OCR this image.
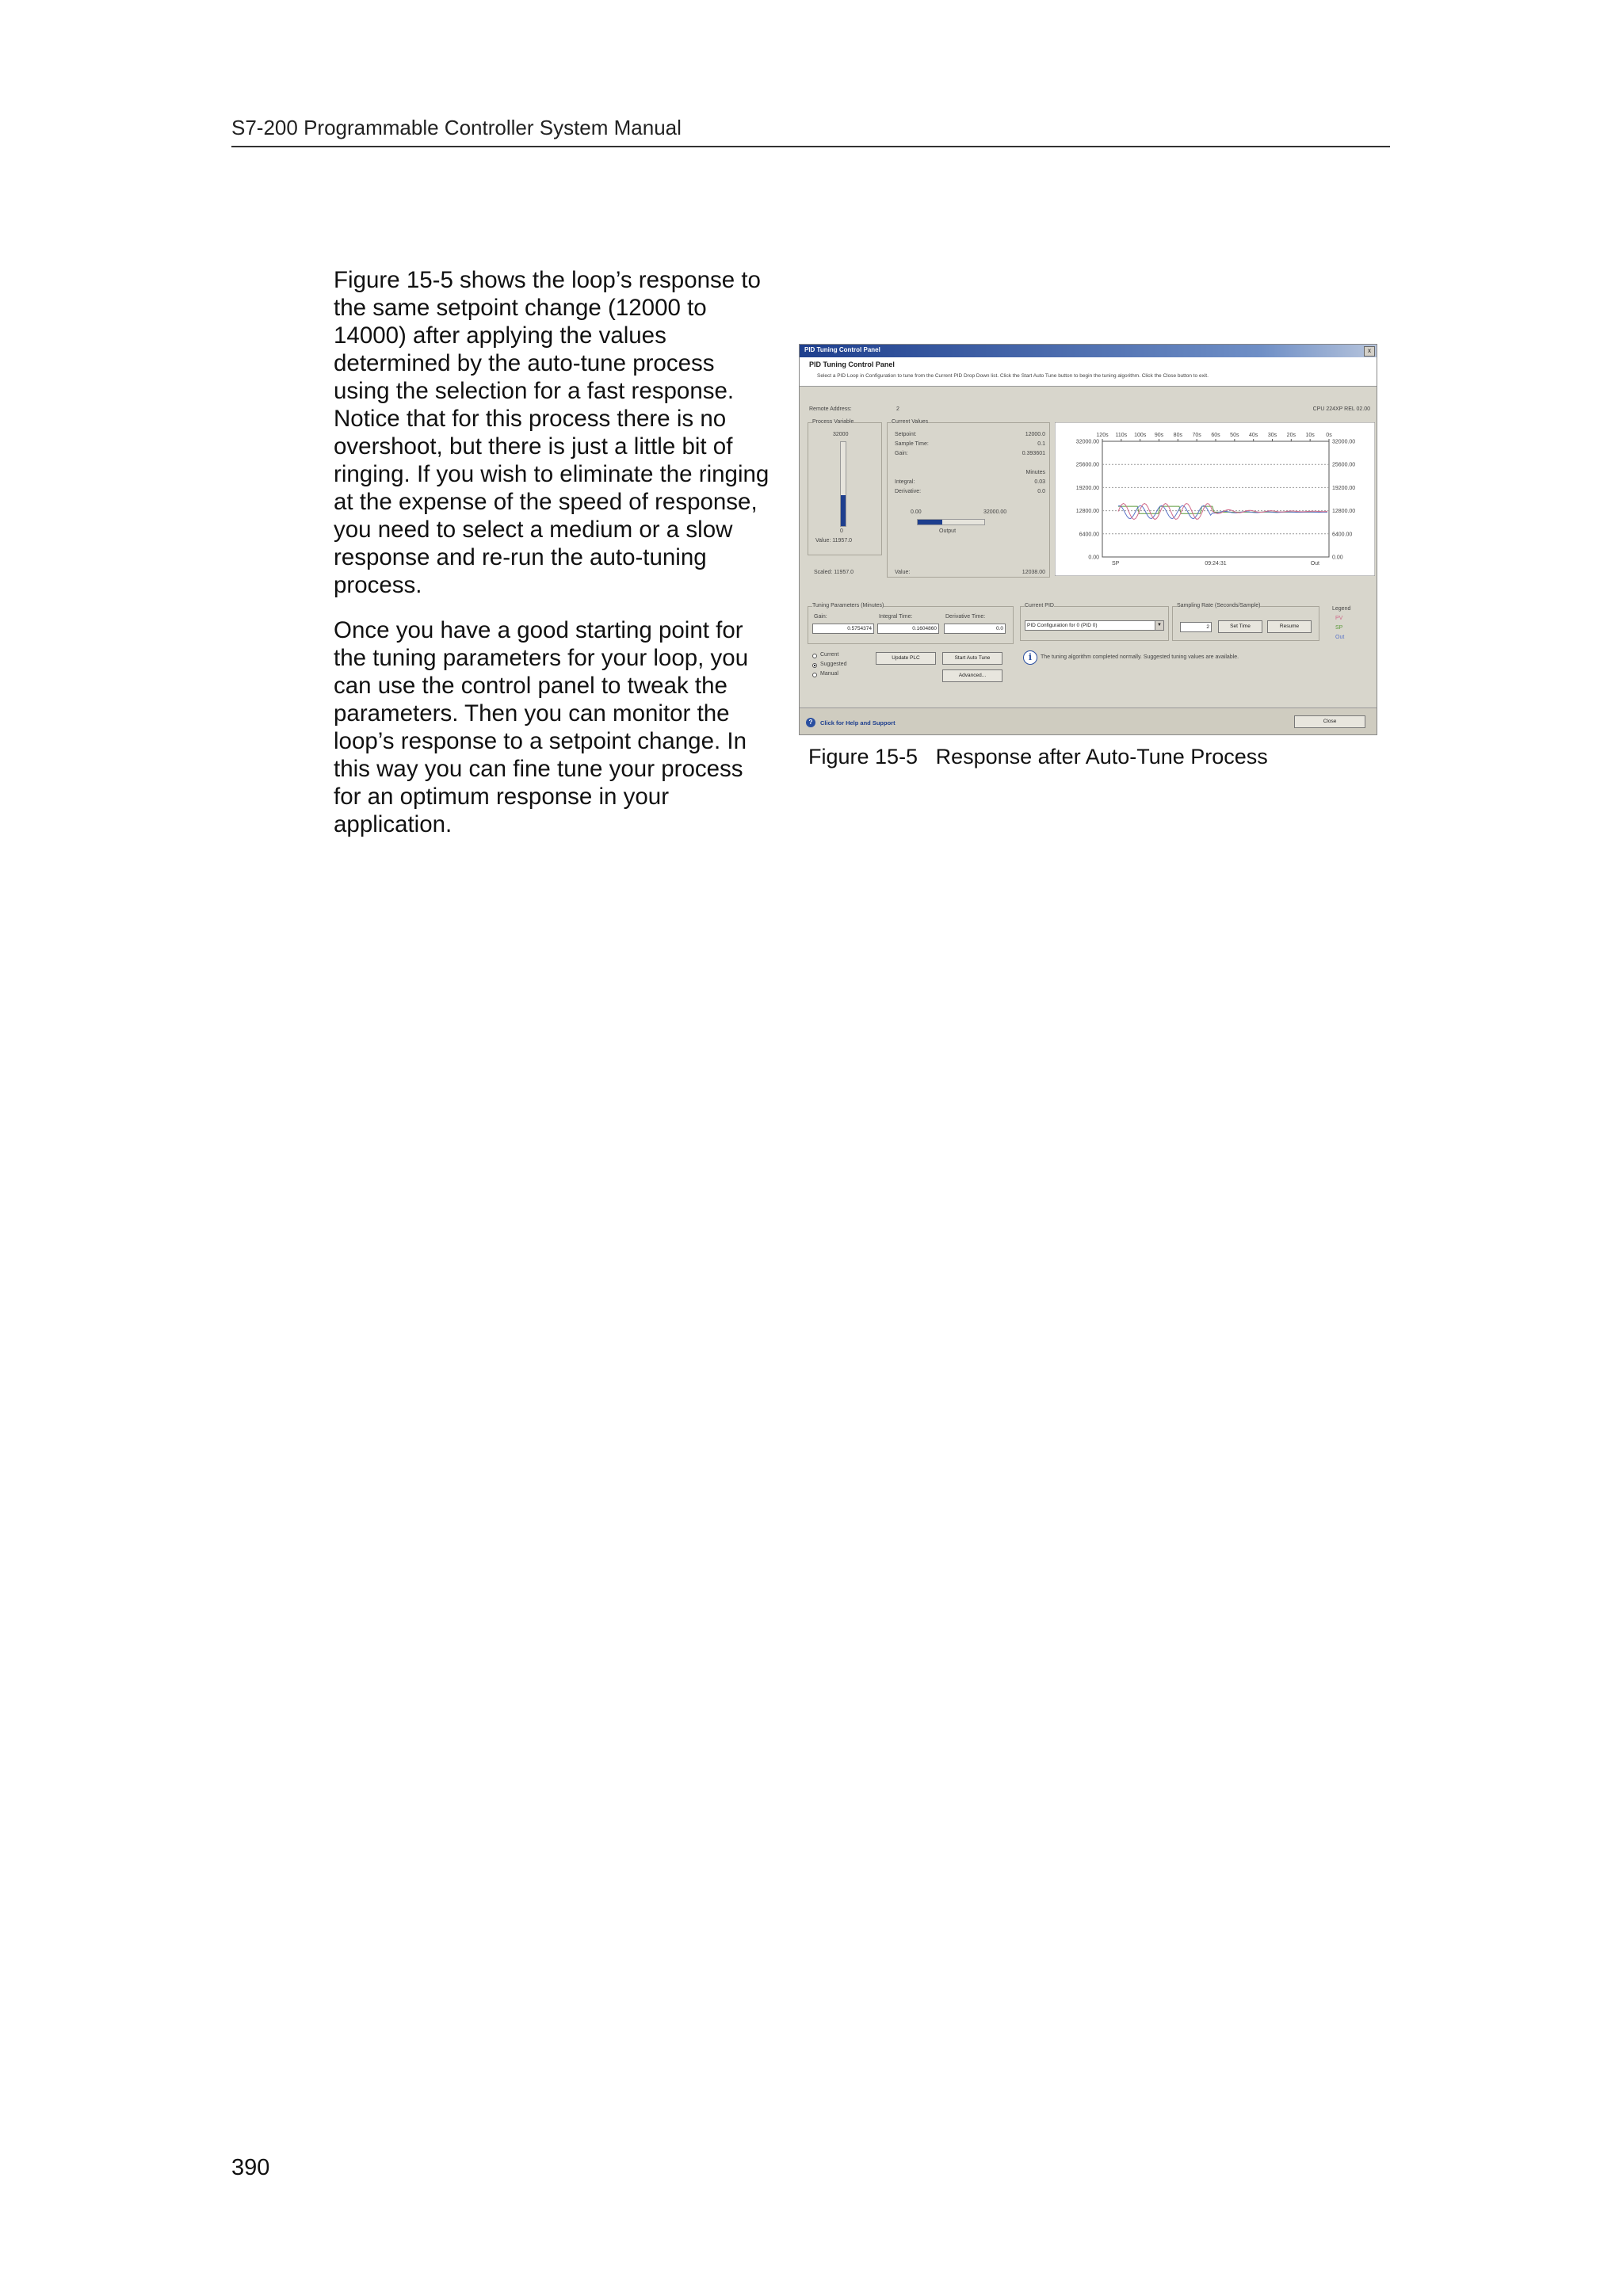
S7-200 Programmable Controller System Manual

Figure 15-5 shows the loop’s response to the same setpoint change (12000 to 14000) after applying the values determined by the auto-tune process using the selection for a fast response. Notice that for this process there is no overshoot, but there is just a little bit of ringing. If you wish to eliminate the ringing at the expense of the speed of response, you need to select a medium or a slow response and re-run the auto-tuning process.

Once you have a good starting point for the tuning parameters for your loop, you can use the control panel to tweak the parameters. Then you can monitor the loop’s response to a setpoint change. In this way you can fine tune your process for an optimum response in your application.

PID Tuning Control Panel	x
PID Tuning Control Panel
Select a PID Loop in Configuration to tune from the Current PID Drop Down list. Click the Start Auto Tune button to begin the tuning algorithm. Click the Close button to exit.
Remote Address:	2	CPU 224XP REL 02.00
Process Variable
32000
0
Value: 11957.0
Scaled: 11957.0
Current Values
Setpoint:	12000.0
Sample Time:	0.1
Gain:	0.393601
Minutes
Integral:	0.03
Derivative:	0.0
0.00	32000.00
Output
Value:	12038.00
120s 110s 100s 90s 80s 70s 60s 50s 40s 30s 20s 10s 0s
32000.00	32000.00
25600.00	25600.00
19200.00	19200.00
12800.00	12800.00
6400.00	6400.00
0.00	0.00
SP	09:24:31	Out
Tuning Parameters (Minutes)
Gain:
0.5754374
Integral Time:
0.1604860
Derivative Time:
0.0
Current
Suggested
Manual
Update PLC	Start Auto Tune
Advanced...
Current PID
PID Configuration for 0 (PID 0)	▼
Sampling Rate (Seconds/Sample)
2	Set Time	Resume
Legend
PV
SP
Out
i	The tuning algorithm completed normally. Suggested tuning values are available.
?	Click for Help and Support	Close
Figure 15-5   Response after Auto-Tune Process
390
